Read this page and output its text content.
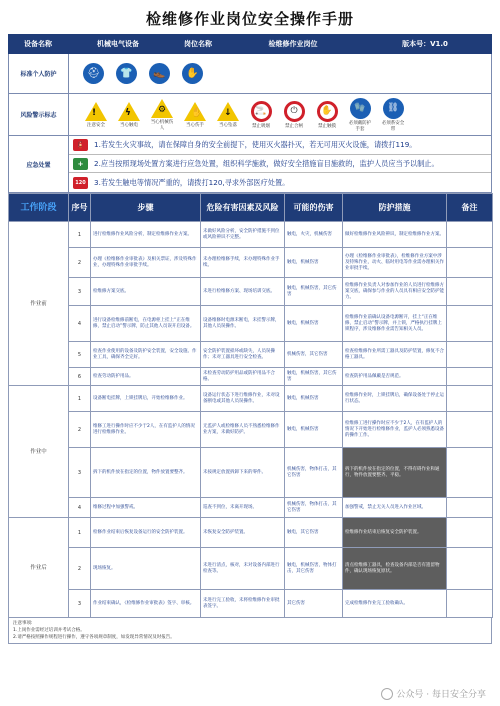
检维修作业岗位安全操作手册
设备名称	机械电气设备	岗位名称	检维修作业岗位	版本号：V1.0
标准个人防护	⛑	👕	👞	✋
风险警示标志	!
注意安全
ϟ
当心触电
⚙
当心机械伤人
✋
当心伤手
↓
当心坠落
🚬
禁止吸烟
⏻
禁止合闸
✋
禁止触摸
🧤
必须戴防护手套
⛓
必须系安全带
应急处置
🧯	1.若发生火灾事故，请在保障自身的安全前提下，使用灭火器扑灭，若无可用灭火设施，请拨打119。
+	2.应当按照现场处置方案进行应急处置，组织科学施救，做好安全措施盲目施救的，监护人员应当予以制止。
120	3.若发生触电等情况严重的，请拨打120,寻求外部医疗处置。
工作阶段	序号	步骤	危险有害因素及风险	可能的伤害	防护措施	备注
作业前	1	进行检维修作业风险分析，制定检维修作业方案。	未做好风险分析，安全防护措施不到位或风险辨识不完整。	触电，火灾，机械伤害	做好检维修作业风险辨识，制定检维修作业方案。	
	2	办理《检维修作业审批表》及相关票证，涉及特殊作业，办理特殊作业审批手续。	未办理检维修手续，未办理特殊作业手续。	触电，机械伤害	办理《检维修作业审批表》，检维修作业方案中涉及特殊作业，动火、临时用电等作业需办理相关作业审批手续。	
	3	检维修方案交底。	未进行检维修方案、现场培训交底。	触电，机械伤害，其它伤害	检维修作业负责人对参加作业的人员进行检维修方案交底，确保参与作业的人员具有相应安全防护能力。	
	4	进行设备检维修前断电，在电源柜上挂上“正在维修，禁止启动”警示牌，防止其他人员误开启设备。	设备维修时电源未断电，未挂警示牌，其他人员误操作。	触电，机械伤害	检维修作业前确认设备电源断开，挂上“正在维修，禁止启动”警示牌，并上锁，严格执行挂牌上锁程序，涉及维修作业需告知相关人员。	
	5	检查作业使用的设备及防护安全装置，安全设施、作业工具，确保齐全完好。	安全防护装置损坏或缺失，人员误操作；未对工器具进行安全检查。	机械伤害，其它伤害	检查检维修作业所需工器具及防护装置，修复不合格工器具。	
	6	检查劳动防护用品。	未检查劳动防护用品或防护用品不合格。	触电，机械伤害，其它伤害	检查防护用品佩戴是否规范。	
作业中	1	设备断电挂牌，上锁挂牌后，开始检维修作业。	设备运行状态下进行维修作业，未对设备断电或其他人员误操作。	触电，机械伤害	检维修作业时，上锁挂牌后，确保设备处于停止运行状态。	
	2	维修工进行操作时应不少于2人，在有监护人的情况进行检维修作业。	无监护人或检维修人员不熟悉检维修作业方案，未做好防护。	触电，机械伤害	检维修工进行操作时应不少于2人，在有监护人的情况下开始进行检维修作业，监护人必须熟悉设备的操作工作。	
	3	拆下的机件放在指定的位置，物件放置要整齐。	未按规定放置拆卸下来的零件。	机械伤害，物体打击，其它伤害	拆下的机件放在指定的位置，不得有碍作业和通行，物件放置要整齐、平稳。	
	4	维修过程中加强警戒。	巡查不到位，未离开现场。	机械伤害，物体打击，其它伤害	加强警戒，禁止无关人员进入作业区域。	
作业后	1	检修作业结束后恢复设备运行的安全防护装置。	未恢复安全防护装置。	触电，其它伤害	检维修作业结束后恢复安全防护装置。	
	2	现场恢复。	未进行清点，核对，未对设备内部进行检查等。	触电，机械伤害，物体打击，其它伤害	清点检维修工器具，检查设备内部是否有遗留物件，确认现场恢复原状。	
	3	作业结束确认，《检维修作业审批表》签字、审核。	未进行完工验收，未将检维修作业审批表签字。	其它伤害	完成检维修作业完工验收确认。	
注意事项:
1.上岗作业需经过培训并考试合格。
2.请严格按照操作规程进行操作，遵守各项规章制度，如发现异常情况及时报告。
公众号 · 每日安全分享
